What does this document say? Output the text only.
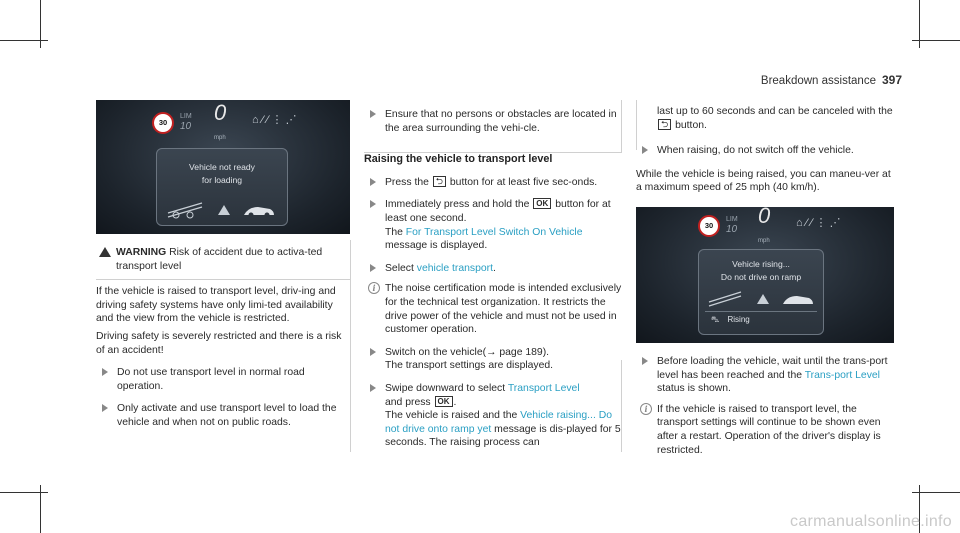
Breakdown assistance 397
30
LIM
10
0
mph
⌂ ⁄ ∕ ⋮ ⋰
Vehicle not ready
for loading
WARNING Risk of accident due to activa-ted transport level

If the vehicle is raised to transport level, driv-ing and driving safety systems have only limi-ted availability and the view from the vehicle is restricted.

Driving safety is severely restricted and there is a risk of an accident!

Do not use transport level in normal road operation.
Only activate and use transport level to load the vehicle and when not on public roads.
Ensure that no persons or obstacles are located in the area surrounding the vehi-cle.
Raising the vehicle to transport level
Press the ⮌ button for at least five sec-onds.
Immediately press and hold the OK button for at least one second.
The For Transport Level Switch On Vehicle
message is displayed.
Select vehicle transport.
i The noise certification mode is intended exclusively for the technical test organization. It restricts the drive power of the vehicle and must not be used in customer operation.
Switch on the vehicle(→ page 189).
The transport settings are displayed.
Swipe downward to select Transport Level
and press OK .
The vehicle is raised and the Vehicle raising... Do not drive onto ramp yet message is dis-played for 5 seconds. The raising process can
last up to 60 seconds and can be canceled with the ⮌ button.
When raising, do not switch off the vehicle.

While the vehicle is being raised, you can maneu-ver at a maximum speed of 25 mph (40 km/h).

30
LIM
10
0
mph
⌂ ⁄ ∕ ⋮ ⋰
Vehicle rising...
Do not drive on ramp
⛍ Rising
Before loading the vehicle, wait until the trans-port level has been reached and the Trans-port Level status is shown.
i If the vehicle is raised to transport level, the transport settings will continue to be shown even after a restart. Operation of the driver's display is restricted.
carmanualsonline.info
